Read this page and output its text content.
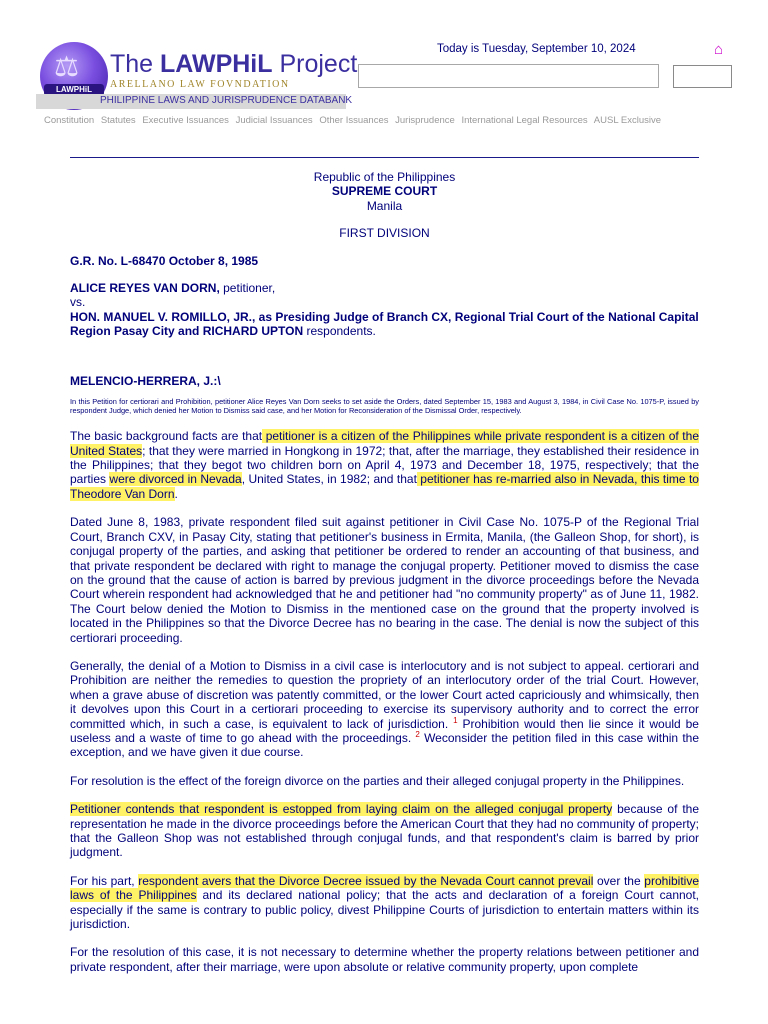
⚖
LAWPHiL
The LAWPHiL Project
ARELLANO LAW FOVNDATION
PHILIPPINE LAWS AND JURISPRUDENCE DATABANK
Today is Tuesday, September 10, 2024	⌂
Constitution Statutes Executive Issuances Judicial Issuances Other Issuances Jurisprudence International Legal Resources AUSL Exclusive
Republic of the Philippines
SUPREME COURT
Manila
FIRST DIVISION
G.R. No. L-68470 October 8, 1985
ALICE REYES VAN DORN, petitioner,
vs.
HON. MANUEL V. ROMILLO, JR., as Presiding Judge of Branch CX, Regional Trial Court of the National Capital Region Pasay City and RICHARD UPTON respondents.
MELENCIO-HERRERA, J.:\

In this Petition for certiorari and Prohibition, petitioner Alice Reyes Van Dorn seeks to set aside the Orders, dated September 15, 1983 and August 3, 1984, in Civil Case No. 1075-P, issued by respondent Judge, which denied her Motion to Dismiss said case, and her Motion for Reconsideration of the Dismissal Order, respectively.

The basic background facts are that petitioner is a citizen of the Philippines while private respondent is a citizen of the United States; that they were married in Hongkong in 1972; that, after the marriage, they established their residence in the Philippines; that they begot two children born on April 4, 1973 and December 18, 1975, respectively; that the parties were divorced in Nevada, United States, in 1982; and that petitioner has re-married also in Nevada, this time to Theodore Van Dorn.

Dated June 8, 1983, private respondent filed suit against petitioner in Civil Case No. 1075-P of the Regional Trial Court, Branch CXV, in Pasay City, stating that petitioner's business in Ermita, Manila, (the Galleon Shop, for short), is conjugal property of the parties, and asking that petitioner be ordered to render an accounting of that business, and that private respondent be declared with right to manage the conjugal property. Petitioner moved to dismiss the case on the ground that the cause of action is barred by previous judgment in the divorce proceedings before the Nevada Court wherein respondent had acknowledged that he and petitioner had "no community property" as of June 11, 1982. The Court below denied the Motion to Dismiss in the mentioned case on the ground that the property involved is located in the Philippines so that the Divorce Decree has no bearing in the case. The denial is now the subject of this certiorari proceeding.

Generally, the denial of a Motion to Dismiss in a civil case is interlocutory and is not subject to appeal. certiorari and Prohibition are neither the remedies to question the propriety of an interlocutory order of the trial Court. However, when a grave abuse of discretion was patently committed, or the lower Court acted capriciously and whimsically, then it devolves upon this Court in a certiorari proceeding to exercise its supervisory authority and to correct the error committed which, in such a case, is equivalent to lack of jurisdiction. $^1$ Prohibition would then lie since it would be useless and a waste of time to go ahead with the proceedings. $^2$ Weconsider the petition filed in this case within the exception, and we have given it due course.

For resolution is the effect of the foreign divorce on the parties and their alleged conjugal property in the Philippines.

Petitioner contends that respondent is estopped from laying claim on the alleged conjugal property because of the representation he made in the divorce proceedings before the American Court that they had no community of property; that the Galleon Shop was not established through conjugal funds, and that respondent's claim is barred by prior judgment.

For his part, respondent avers that the Divorce Decree issued by the Nevada Court cannot prevail over the prohibitive laws of the Philippines and its declared national policy; that the acts and declaration of a foreign Court cannot, especially if the same is contrary to public policy, divest Philippine Courts of jurisdiction to entertain matters within its jurisdiction.

For the resolution of this case, it is not necessary to determine whether the property relations between petitioner and private respondent, after their marriage, were upon absolute or relative community property, upon complete
